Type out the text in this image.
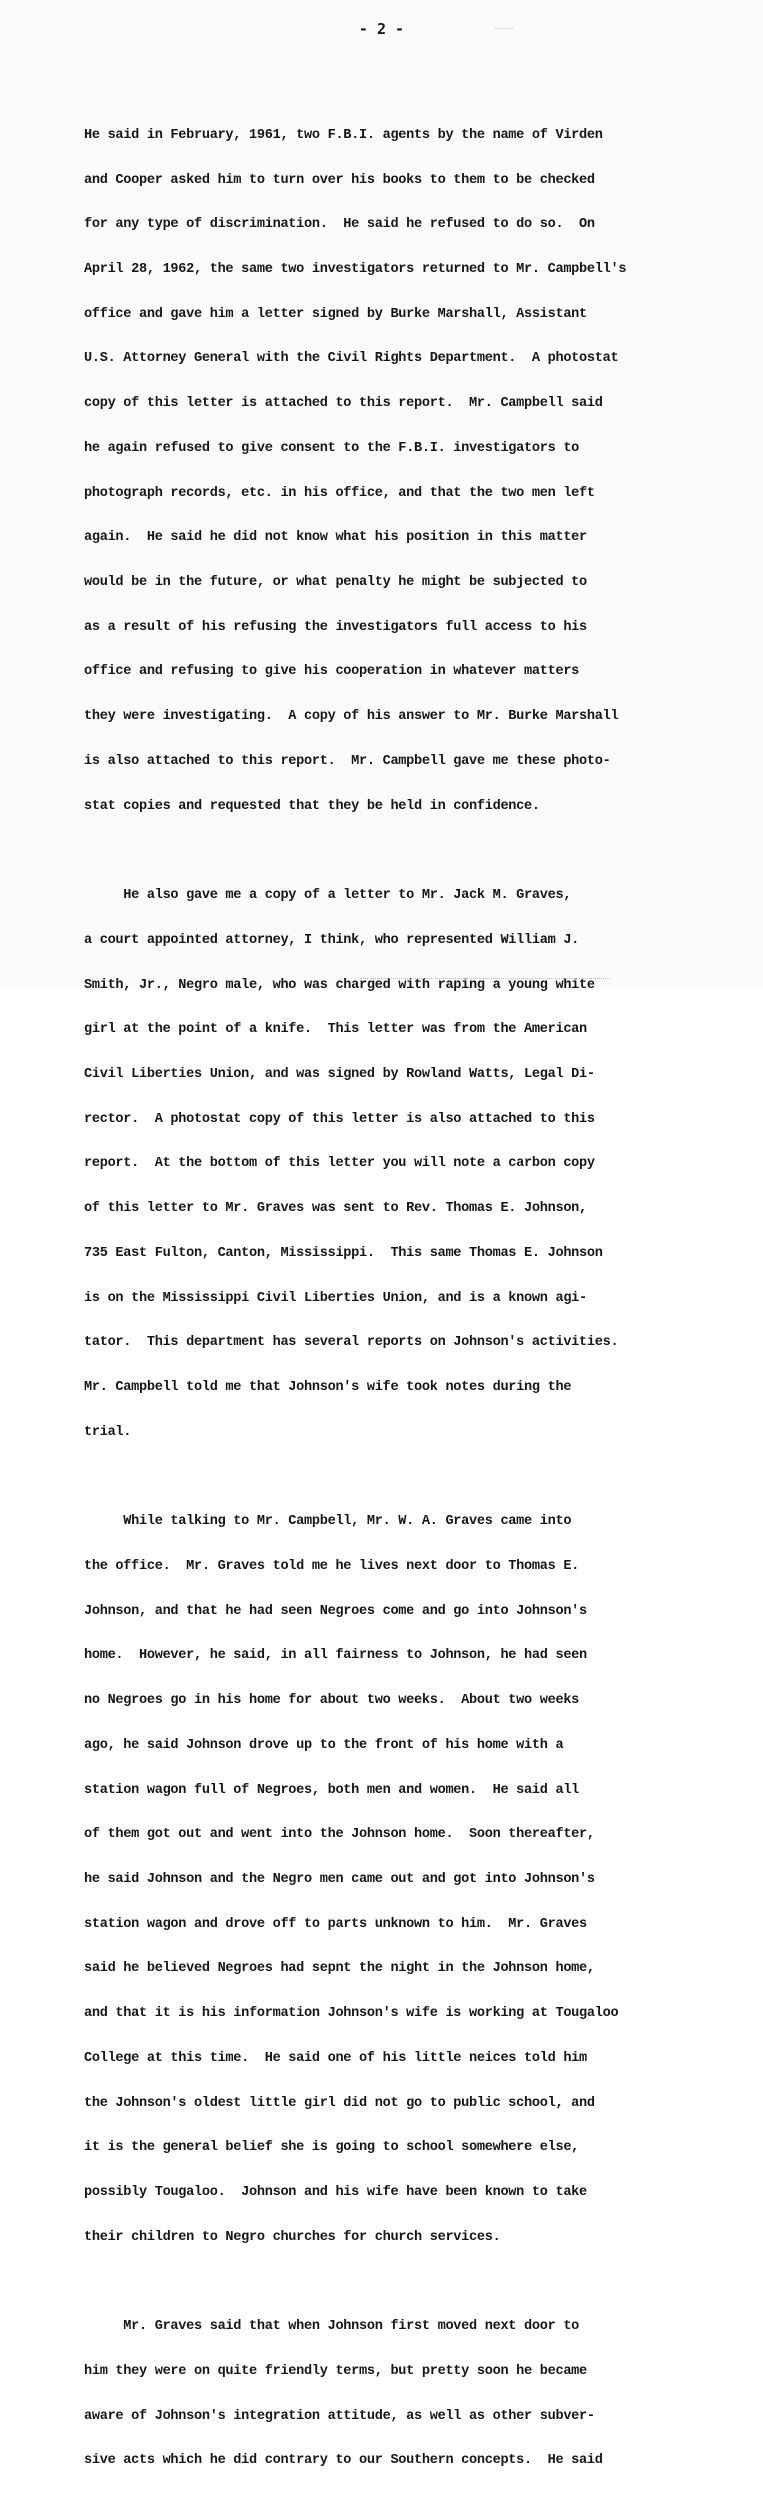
- 2 -

He said in February, 1961, two F.B.I. agents by the name of Virden

and Cooper asked him to turn over his books to them to be checked

for any type of discrimination.  He said he refused to do so.  On

April 28, 1962, the same two investigators returned to Mr. Campbell's

office and gave him a letter signed by Burke Marshall, Assistant

U.S. Attorney General with the Civil Rights Department.  A photostat

copy of this letter is attached to this report.  Mr. Campbell said

he again refused to give consent to the F.B.I. investigators to

photograph records, etc. in his office, and that the two men left

again.  He said he did not know what his position in this matter

would be in the future, or what penalty he might be subjected to

as a result of his refusing the investigators full access to his

office and refusing to give his cooperation in whatever matters

they were investigating.  A copy of his answer to Mr. Burke Marshall

is also attached to this report.  Mr. Campbell gave me these photo-

stat copies and requested that they be held in confidence.

He also gave me a copy of a letter to Mr. Jack M. Graves,

a court appointed attorney, I think, who represented William J.

Smith, Jr., Negro male, who was charged with raping a young white

girl at the point of a knife.  This letter was from the American

Civil Liberties Union, and was signed by Rowland Watts, Legal Di-

rector.  A photostat copy of this letter is also attached to this

report.  At the bottom of this letter you will note a carbon copy

of this letter to Mr. Graves was sent to Rev. Thomas E. Johnson,

735 East Fulton, Canton, Mississippi.  This same Thomas E. Johnson

is on the Mississippi Civil Liberties Union, and is a known agi-

tator.  This department has several reports on Johnson's activities.

Mr. Campbell told me that Johnson's wife took notes during the

trial.

While talking to Mr. Campbell, Mr. W. A. Graves came into

the office.  Mr. Graves told me he lives next door to Thomas E.

Johnson, and that he had seen Negroes come and go into Johnson's

home.  However, he said, in all fairness to Johnson, he had seen

no Negroes go in his home for about two weeks.  About two weeks

ago, he said Johnson drove up to the front of his home with a

station wagon full of Negroes, both men and women.  He said all

of them got out and went into the Johnson home.  Soon thereafter,

he said Johnson and the Negro men came out and got into Johnson's

station wagon and drove off to parts unknown to him.  Mr. Graves

said he believed Negroes had sepnt the night in the Johnson home,

and that it is his information Johnson's wife is working at Tougaloo

College at this time.  He said one of his little neices told him

the Johnson's oldest little girl did not go to public school, and

it is the general belief she is going to school somewhere else,

possibly Tougaloo.  Johnson and his wife have been known to take

their children to Negro churches for church services.

Mr. Graves said that when Johnson first moved next door to

him they were on quite friendly terms, but pretty soon he became

aware of Johnson's integration attitude, as well as other subver-

sive acts which he did contrary to our Southern concepts.  He said
